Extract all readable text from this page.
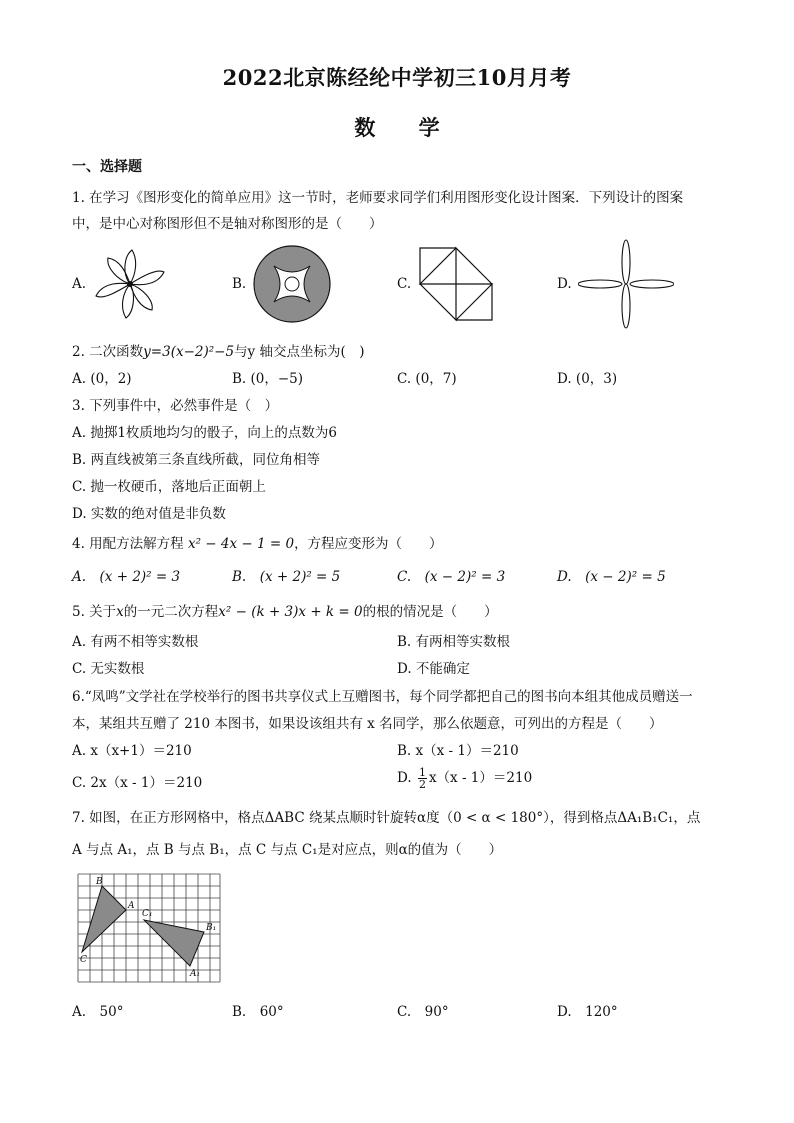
2022北京陈经纶中学初三10月月考
数 学
一、选择题
1. 在学习《图形变化的简单应用》这一节时，老师要求同学们利用图形变化设计图案．下列设计的图案
中，是中心对称图形但不是轴对称图形的是（　　）
A.	B.	C.	D.
2. 二次函数y=3(x−2)²−5与y 轴交点坐标为(　)
A. (0，2)	B. (0，−5)	C. (0，7)	D. (0，3)
3. 下列事件中，必然事件是（　）
A. 抛掷1枚质地均匀的骰子，向上的点数为6
B. 两直线被第三条直线所截，同位角相等
C. 抛一枚硬币，落地后正面朝上
D. 实数的绝对值是非负数
4. 用配方法解方程 x² − 4x − 1 = 0，方程应变形为（　　）
A.　(x + 2)² = 3	B.　(x + 2)² = 5	C.　(x − 2)² = 3	D.　(x − 2)² = 5
5. 关于x的一元二次方程x² − (k + 3)x + k = 0的根的情况是（　　）
A. 有两不相等实数根	B. 有两相等实数根
C. 无实数根	D. 不能确定
6.“凤鸣”文学社在学校举行的图书共享仪式上互赠图书，每个同学都把自己的图书向本组其他成员赠送一
本，某组共互赠了 210 本图书，如果设该组共有 x 名同学，那么依题意，可列出的方程是（　　）
A. x（x+1）＝210	B. x（x - 1）＝210
C. 2x（x - 1）＝210	D. $\frac{1}{2} x(x - 1)=210$
7. 如图，在正方形网格中，格点ΔABC 绕某点顺时针旋转α度（0 < α < 180°），得到格点ΔA₁B₁C₁，点
A 与点 A₁，点 B 与点 B₁，点 C 与点 C₁是对应点，则α的值为（　　）
B
A
C
C₁
B₁
A₁
A.　50°	B.　60°	C.　90°	D.　120°
